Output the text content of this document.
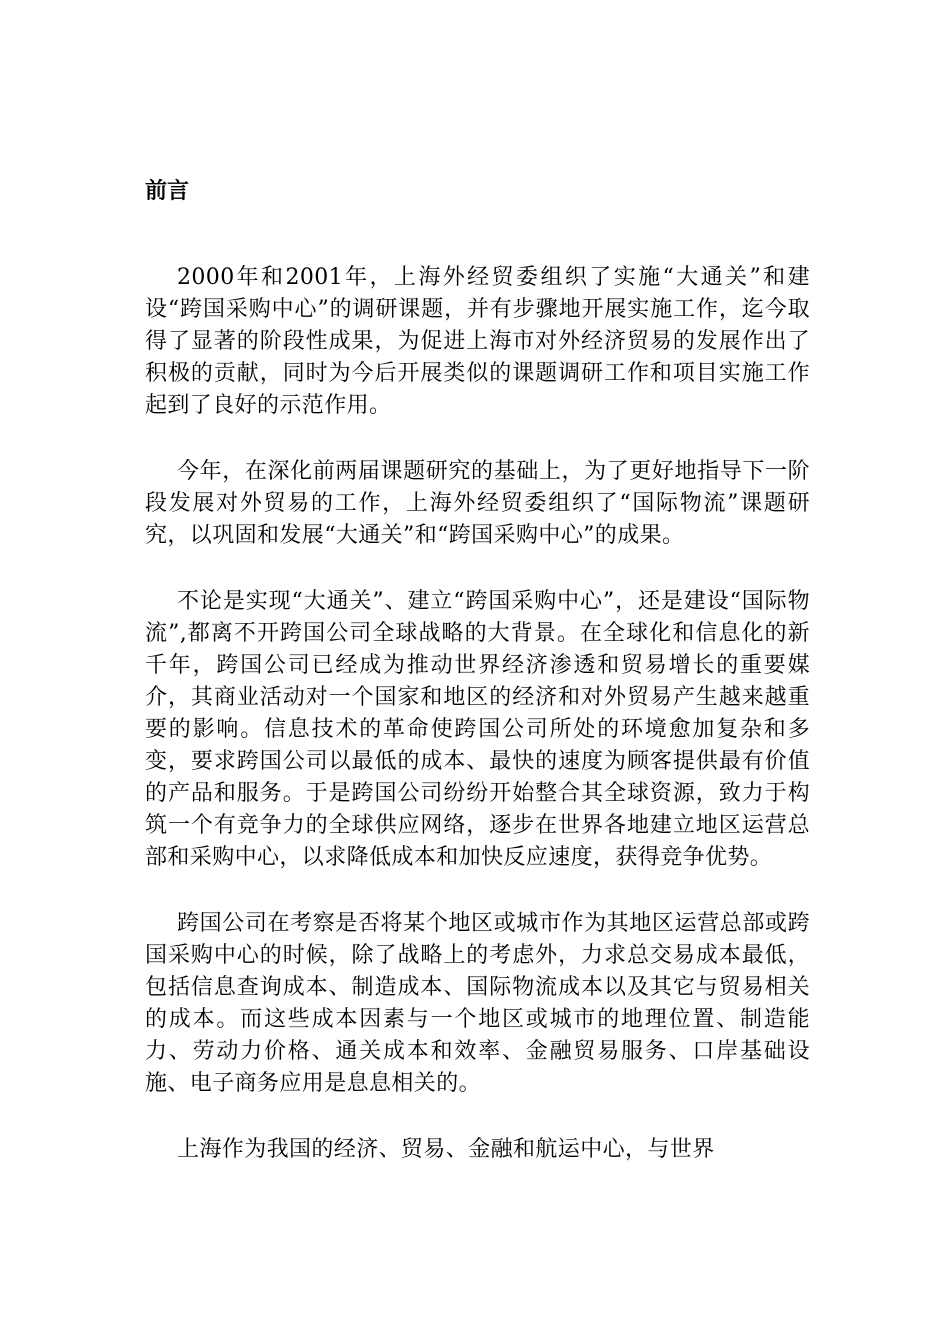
前言

2000年和2001年，上海外经贸委组织了实施“大通关”和建设“跨国采购中心”的调研课题，并有步骤地开展实施工作，迄今取得了显著的阶段性成果，为促进上海市对外经济贸易的发展作出了积极的贡献，同时为今后开展类似的课题调研工作和项目实施工作起到了良好的示范作用。

今年，在深化前两届课题研究的基础上，为了更好地指导下一阶段发展对外贸易的工作，上海外经贸委组织了“国际物流”课题研究，以巩固和发展“大通关”和“跨国采购中心”的成果。

不论是实现“大通关”、建立“跨国采购中心”，还是建设“国际物流”,都离不开跨国公司全球战略的大背景。在全球化和信息化的新千年，跨国公司已经成为推动世界经济渗透和贸易增长的重要媒介，其商业活动对一个国家和地区的经济和对外贸易产生越来越重要的影响。信息技术的革命使跨国公司所处的环境愈加复杂和多变，要求跨国公司以最低的成本、最快的速度为顾客提供最有价值的产品和服务。于是跨国公司纷纷开始整合其全球资源，致力于构筑一个有竞争力的全球供应网络，逐步在世界各地建立地区运营总部和采购中心，以求降低成本和加快反应速度，获得竞争优势。

跨国公司在考察是否将某个地区或城市作为其地区运营总部或跨国采购中心的时候，除了战略上的考虑外，力求总交易成本最低，包括信息查询成本、制造成本、国际物流成本以及其它与贸易相关的成本。而这些成本因素与一个地区或城市的地理位置、制造能力、劳动力价格、通关成本和效率、金融贸易服务、口岸基础设施、电子商务应用是息息相关的。

上海作为我国的经济、贸易、金融和航运中心，与世界
